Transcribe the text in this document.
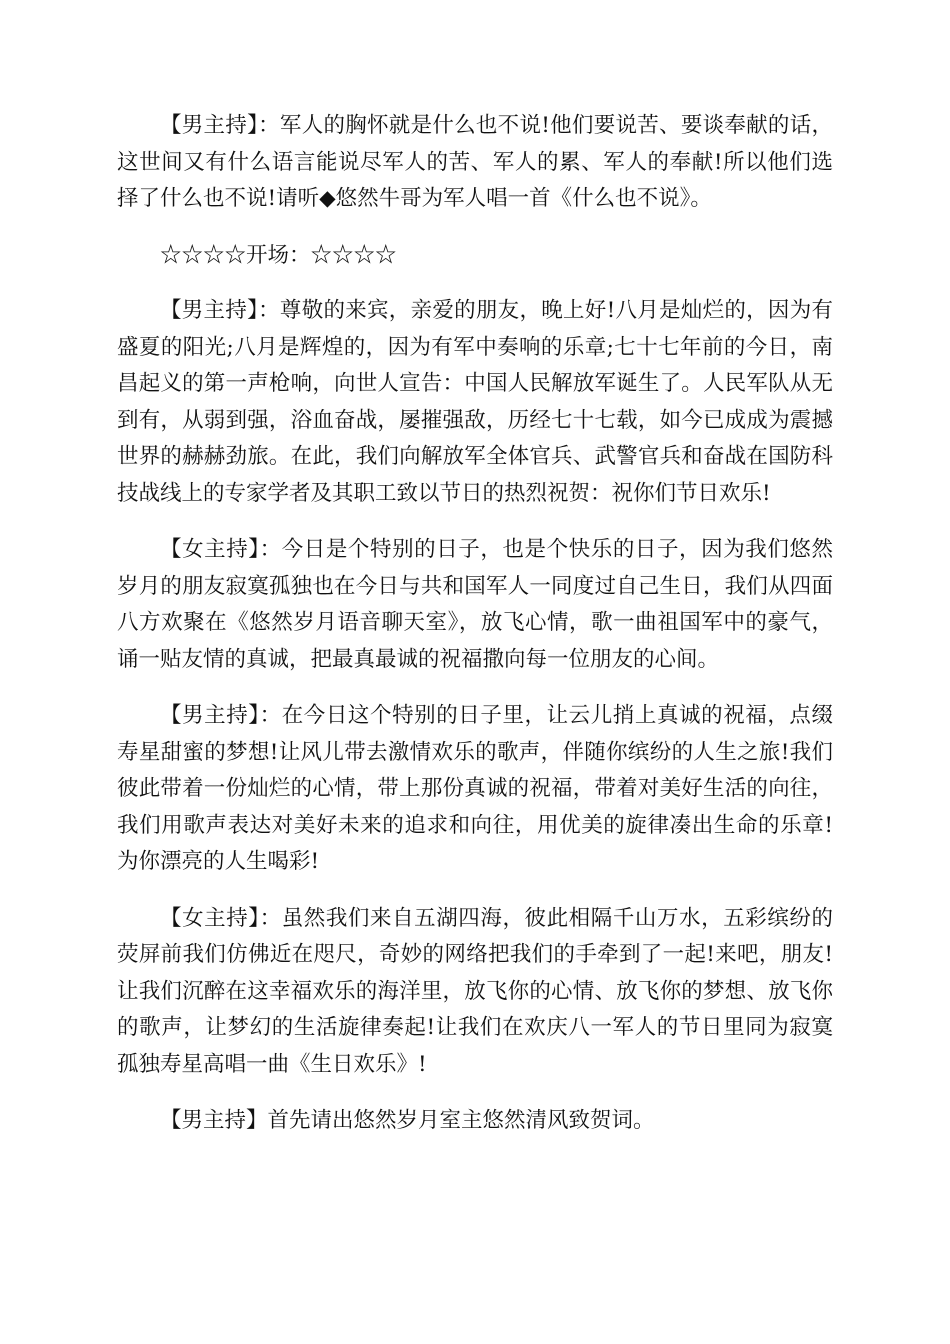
【男主持】：军人的胸怀就是什么也不说!他们要说苦、要谈奉献的话，这世间又有什么语言能说尽军人的苦、军人的累、军人的奉献!所以他们选择了什么也不说!请听◆悠然牛哥为军人唱一首《什么也不说》。

☆☆☆☆开场：☆☆☆☆

【男主持】：尊敬的来宾，亲爱的朋友，晚上好!八月是灿烂的，因为有盛夏的阳光;八月是辉煌的，因为有军中奏响的乐章;七十七年前的今日，南昌起义的第一声枪响，向世人宣告：中国人民解放军诞生了。人民军队从无到有，从弱到强，浴血奋战，屡摧强敌，历经七十七载，如今已成成为震撼世界的赫赫劲旅。在此，我们向解放军全体官兵、武警官兵和奋战在国防科技战线上的专家学者及其职工致以节日的热烈祝贺：祝你们节日欢乐!

【女主持】：今日是个特别的日子，也是个快乐的日子，因为我们悠然岁月的朋友寂寞孤独也在今日与共和国军人一同度过自己生日，我们从四面八方欢聚在《悠然岁月语音聊天室》，放飞心情，歌一曲祖国军中的豪气，诵一贴友情的真诚，把最真最诚的祝福撒向每一位朋友的心间。

【男主持】：在今日这个特别的日子里，让云儿捎上真诚的祝福，点缀寿星甜蜜的梦想!让风儿带去激情欢乐的歌声，伴随你缤纷的人生之旅!我们彼此带着一份灿烂的心情，带上那份真诚的祝福，带着对美好生活的向往，我们用歌声表达对美好未来的追求和向往，用优美的旋律凑出生命的乐章!为你漂亮的人生喝彩!

【女主持】：虽然我们来自五湖四海，彼此相隔千山万水，五彩缤纷的荧屏前我们仿佛近在咫尺，奇妙的网络把我们的手牵到了一起!来吧，朋友!让我们沉醉在这幸福欢乐的海洋里，放飞你的心情、放飞你的梦想、放飞你的歌声，让梦幻的生活旋律奏起!让我们在欢庆八一军人的节日里同为寂寞孤独寿星高唱一曲《生日欢乐》!

【男主持】首先请出悠然岁月室主悠然清风致贺词。
